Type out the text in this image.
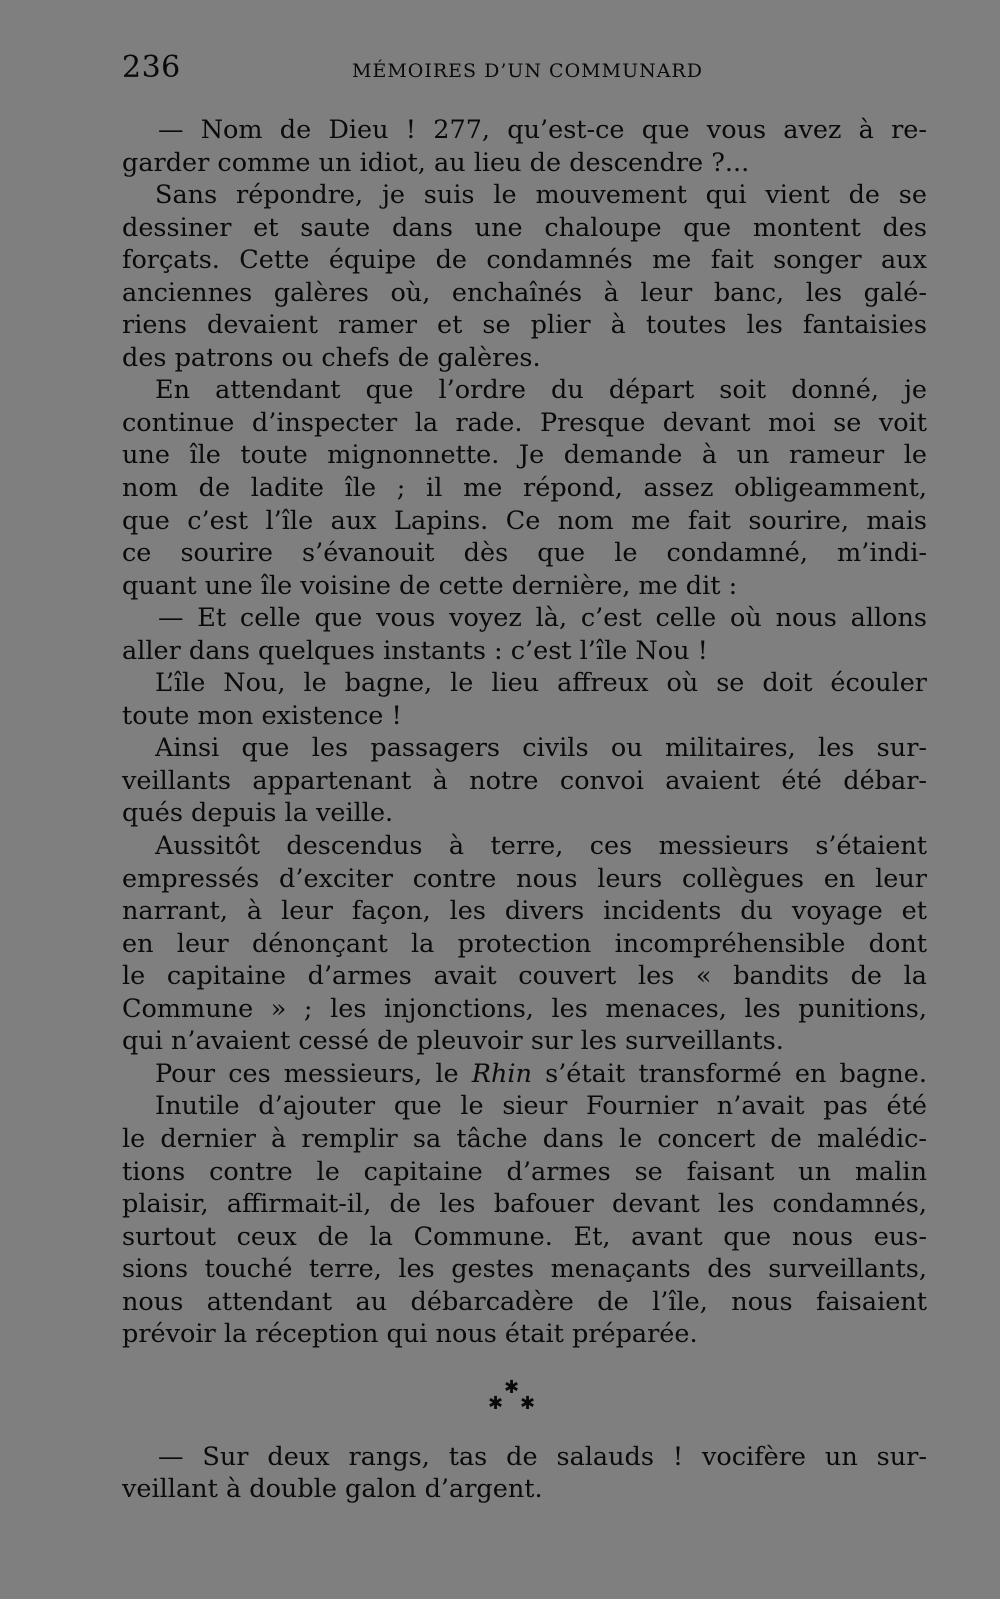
236	MÉMOIRES D’UN COMMUNARD
— Nom de Dieu ! 277, qu’est-ce que vous avez à re-
garder comme un idiot, au lieu de descendre ?...
Sans répondre, je suis le mouvement qui vient de se
dessiner et saute dans une chaloupe que montent des
forçats. Cette équipe de condamnés me fait songer aux
anciennes galères où, enchaînés à leur banc, les galé-
riens devaient ramer et se plier à toutes les fantaisies
des patrons ou chefs de galères.
En attendant que l’ordre du départ soit donné, je
continue d’inspecter la rade. Presque devant moi se voit
une île toute mignonnette. Je demande à un rameur le
nom de ladite île ; il me répond, assez obligeamment,
que c’est l’île aux Lapins. Ce nom me fait sourire, mais
ce sourire s’évanouit dès que le condamné, m’indi-
quant une île voisine de cette dernière, me dit :
— Et celle que vous voyez là, c’est celle où nous allons
aller dans quelques instants : c’est l’île Nou !
L’île Nou, le bagne, le lieu affreux où se doit écouler
toute mon existence !
Ainsi que les passagers civils ou militaires, les sur-
veillants appartenant à notre convoi avaient été débar-
qués depuis la veille.
Aussitôt descendus à terre, ces messieurs s’étaient
empressés d’exciter contre nous leurs collègues en leur
narrant, à leur façon, les divers incidents du voyage et
en leur dénonçant la protection incompréhensible dont
le capitaine d’armes avait couvert les « bandits de la
Commune » ; les injonctions, les menaces, les punitions,
qui n’avaient cessé de pleuvoir sur les surveillants.
Pour ces messieurs, le Rhin s’était transformé en bagne.
Inutile d’ajouter que le sieur Fournier n’avait pas été
le dernier à remplir sa tâche dans le concert de malédic-
tions contre le capitaine d’armes se faisant un malin
plaisir, affirmait-il, de les bafouer devant les condamnés,
surtout ceux de la Commune. Et, avant que nous eus-
sions touché terre, les gestes menaçants des surveillants,
nous attendant au débarcadère de l’île, nous faisaient
prévoir la réception qui nous était préparée.
✱
✱ ✱
— Sur deux rangs, tas de salauds ! vocifère un sur-
veillant à double galon d’argent.
